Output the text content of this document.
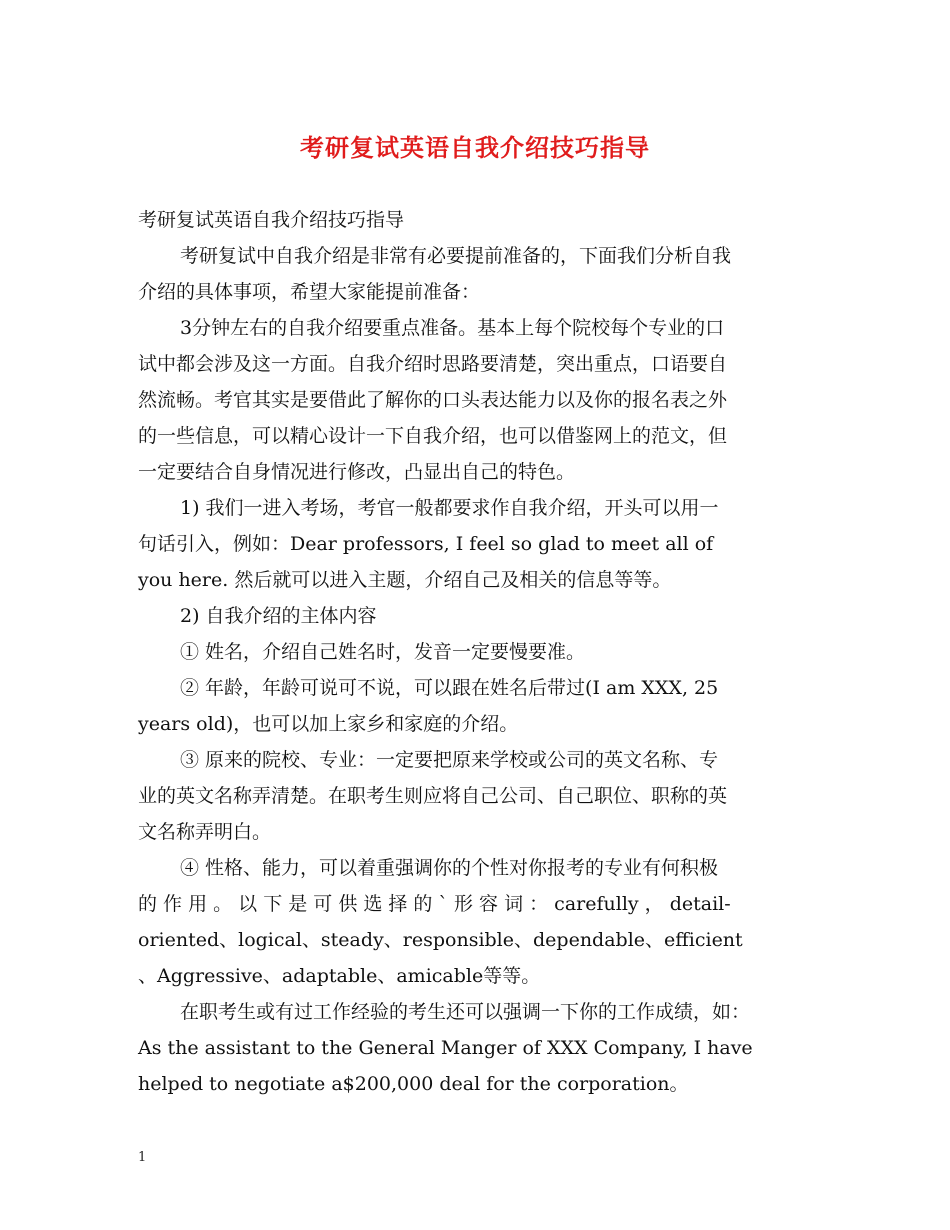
考研复试英语自我介绍技巧指导
考研复试英语自我介绍技巧指导
考研复试中自我介绍是非常有必要提前准备的，下面我们分析自我
介绍的具体事项，希望大家能提前准备：
3分钟左右的自我介绍要重点准备。基本上每个院校每个专业的口
试中都会涉及这一方面。自我介绍时思路要清楚，突出重点，口语要自
然流畅。考官其实是要借此了解你的口头表达能力以及你的报名表之外
的一些信息，可以精心设计一下自我介绍，也可以借鉴网上的范文，但
一定要结合自身情况进行修改，凸显出自己的特色。
1) 我们一进入考场，考官一般都要求作自我介绍，开头可以用一
句话引入，例如：Dear professors, I feel so glad to meet all of
you here. 然后就可以进入主题，介绍自己及相关的信息等等。
2) 自我介绍的主体内容
① 姓名，介绍自己姓名时，发音一定要慢要准。
② 年龄，年龄可说可不说，可以跟在姓名后带过(I am XXX, 25
years old)，也可以加上家乡和家庭的介绍。
③ 原来的院校、专业：一定要把原来学校或公司的英文名称、专
业的英文名称弄清楚。在职考生则应将自己公司、自己职位、职称的英
文名称弄明白。
④ 性格、能力，可以着重强调你的个性对你报考的专业有何积极
的 作 用 。 以 下 是 可 供 选 择 的 ` 形 容 词 ： carefully ， detail-
oriented、logical、steady、responsible、dependable、efficient
、Aggressive、adaptable、amicable等等。
在职考生或有过工作经验的考生还可以强调一下你的工作成绩，如：
As the assistant to the General Manger of XXX Company, I have
helped to negotiate a$200,000 deal for the corporation。
1
